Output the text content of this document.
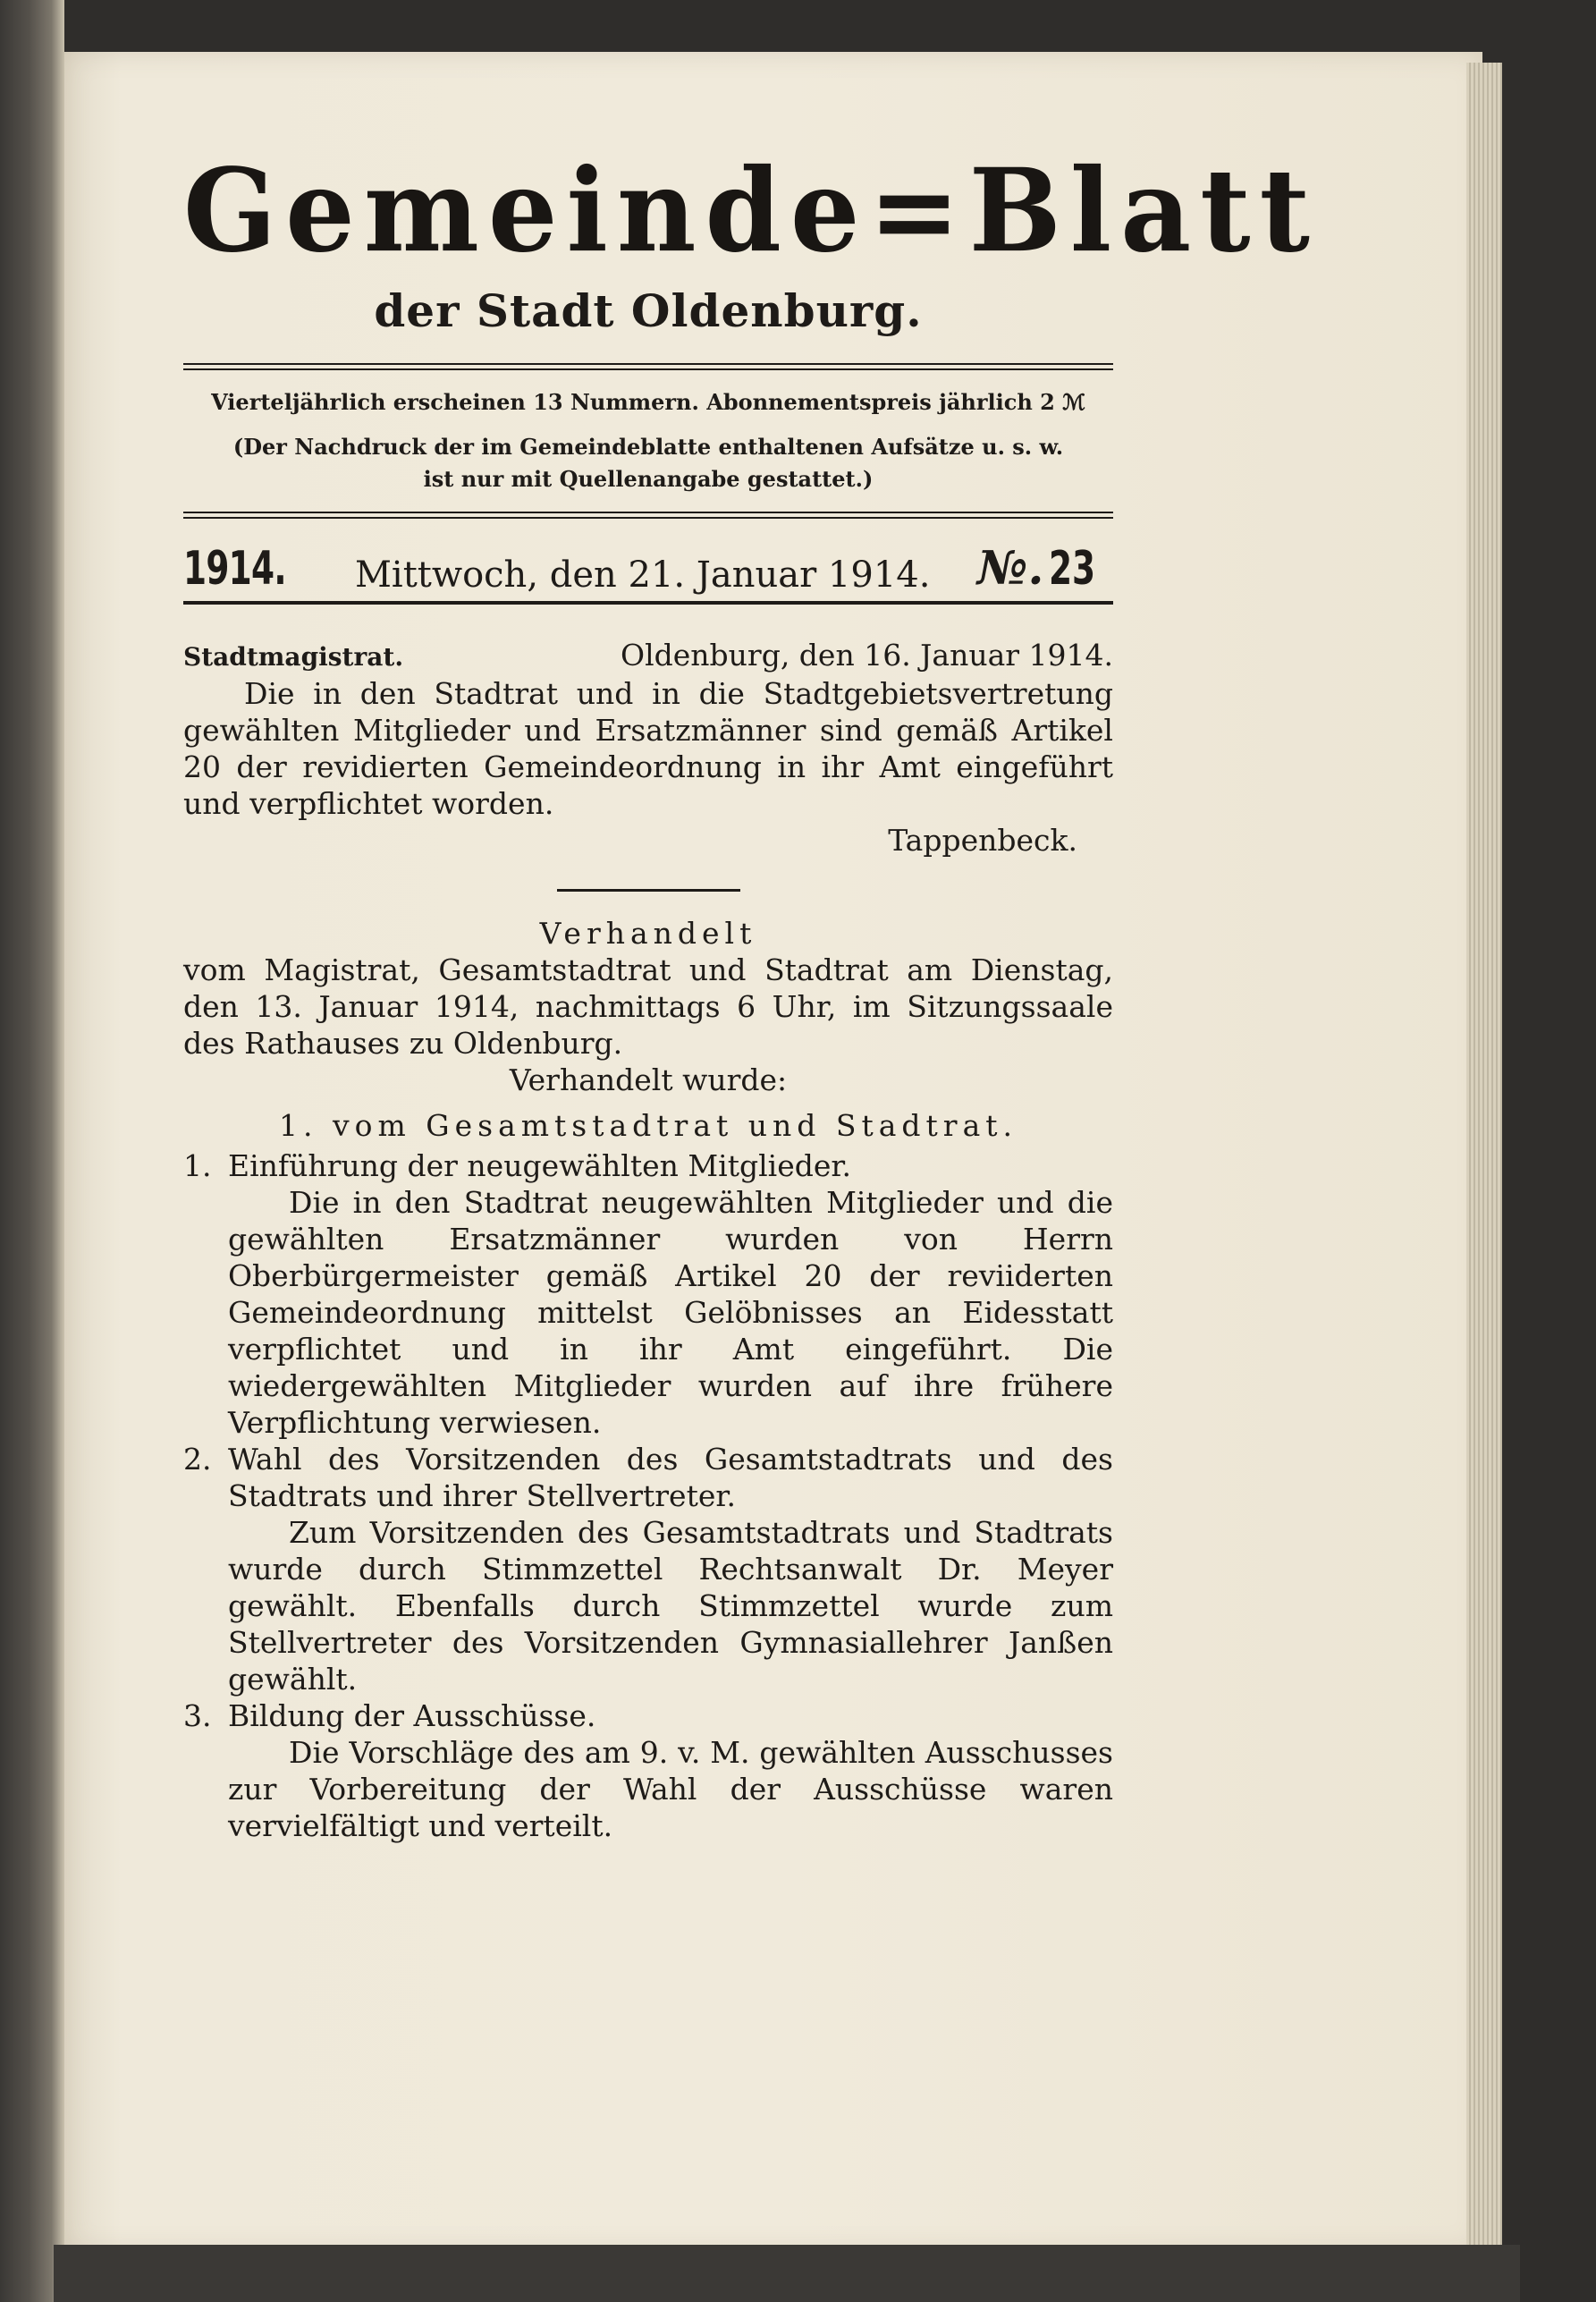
Gemeinde=Blatt

der Stadt Oldenburg.

Vierteljährlich erscheinen 13 Nummern. Abonnementspreis jährlich 2 ℳ

(Der Nachdruck der im Gemeindeblatte enthaltenen Aufsätze u. s. w.

ist nur mit Quellenangabe gestattet.)

1914. Mittwoch, den 21. Januar 1914. №. 23
Stadtmagistrat.	Oldenburg, den 16. Januar 1914.

Die in den Stadtrat und in die Stadtgebietsvertretung gewählten Mitglieder und Ersatzmänner sind gemäß Artikel 20 der revidierten Gemeindeordnung in ihr Amt eingeführt und verpflichtet worden.

Tappenbeck.

Verhandelt

vom Magistrat, Gesamtstadtrat und Stadtrat am Dienstag, den 13. Januar 1914, nachmittags 6 Uhr, im Sitzungssaale des Rathauses zu Oldenburg.

Verhandelt wurde:

1. vom Gesamtstadtrat und Stadtrat.

1. Einführung der neugewählten Mitglieder.

Die in den Stadtrat neugewählten Mitglieder und die gewählten Ersatzmänner wurden von Herrn Oberbürgermeister gemäß Artikel 20 der reviiderten Gemeindeordnung mittelst Gelöbnisses an Eidesstatt verpflichtet und in ihr Amt eingeführt. Die wiedergewählten Mitglieder wurden auf ihre frühere Verpflichtung verwiesen.

2. Wahl des Vorsitzenden des Gesamtstadtrats und des Stadtrats und ihrer Stellvertreter.

Zum Vorsitzenden des Gesamtstadtrats und Stadtrats wurde durch Stimmzettel Rechtsanwalt Dr. Meyer gewählt. Ebenfalls durch Stimmzettel wurde zum Stellvertreter des Vorsitzenden Gymnasiallehrer Janßen gewählt.

3. Bildung der Ausschüsse.

Die Vorschläge des am 9. v. M. gewählten Ausschusses zur Vorbereitung der Wahl der Ausschüsse waren vervielfältigt und verteilt.
